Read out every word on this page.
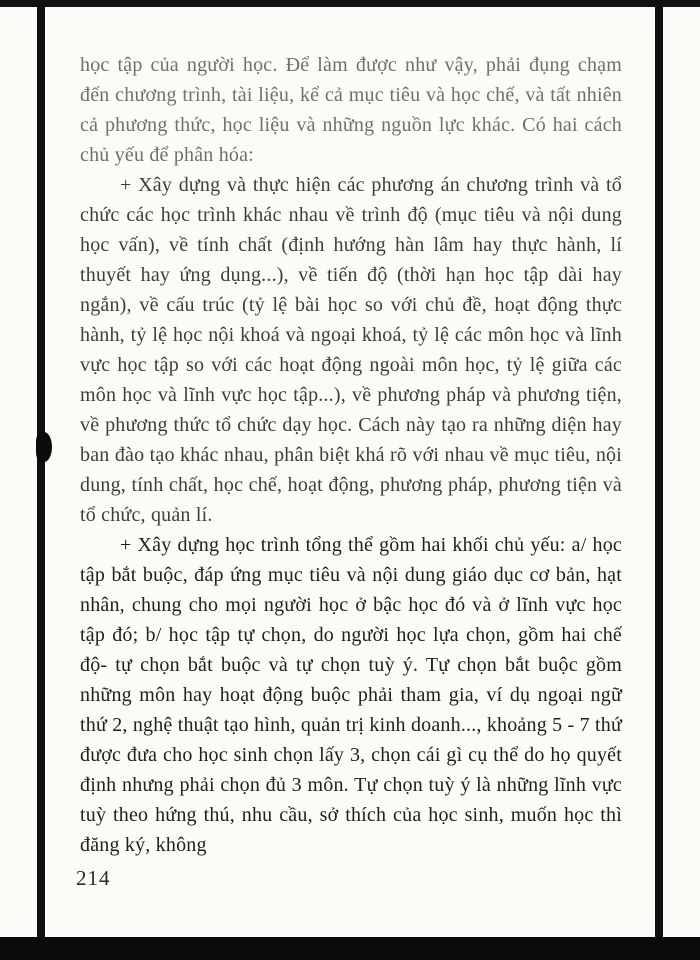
học tập của người học. Để làm được như vậy, phải đụng chạm đến chương trình, tài liệu, kể cả mục tiêu và học chế, và tất nhiên cả phương thức, học liệu và những nguồn lực khác. Có hai cách chủ yếu để phân hóa:

+ Xây dựng và thực hiện các phương án chương trình và tổ chức các học trình khác nhau về trình độ (mục tiêu và nội dung học vấn), về tính chất (định hướng hàn lâm hay thực hành, lí thuyết hay ứng dụng...), về tiến độ (thời hạn học tập dài hay ngắn), về cấu trúc (tỷ lệ bài học so với chủ đề, hoạt động thực hành, tỷ lệ học nội khoá và ngoại khoá, tỷ lệ các môn học và lĩnh vực học tập so với các hoạt động ngoài môn học, tỷ lệ giữa các môn học và lĩnh vực học tập...), về phương pháp và phương tiện, về phương thức tổ chức dạy học. Cách này tạo ra những diện hay ban đào tạo khác nhau, phân biệt khá rõ với nhau về mục tiêu, nội dung, tính chất, học chế, hoạt động, phương pháp, phương tiện và tổ chức, quản lí.

+ Xây dựng học trình tổng thể gồm hai khối chủ yếu: a/ học tập bắt buộc, đáp ứng mục tiêu và nội dung giáo dục cơ bản, hạt nhân, chung cho mọi người học ở bậc học đó và ở lĩnh vực học tập đó; b/ học tập tự chọn, do người học lựa chọn, gồm hai chế độ- tự chọn bắt buộc và tự chọn tuỳ ý. Tự chọn bắt buộc gồm những môn hay hoạt động buộc phải tham gia, ví dụ ngoại ngữ thứ 2, nghệ thuật tạo hình, quản trị kinh doanh..., khoảng 5 - 7 thứ được đưa cho học sinh chọn lấy 3, chọn cái gì cụ thể do họ quyết định nhưng phải chọn đủ 3 môn. Tự chọn tuỳ ý là những lĩnh vực tuỳ theo hứng thú, nhu cầu, sở thích của học sinh, muốn học thì đăng ký, không

214
